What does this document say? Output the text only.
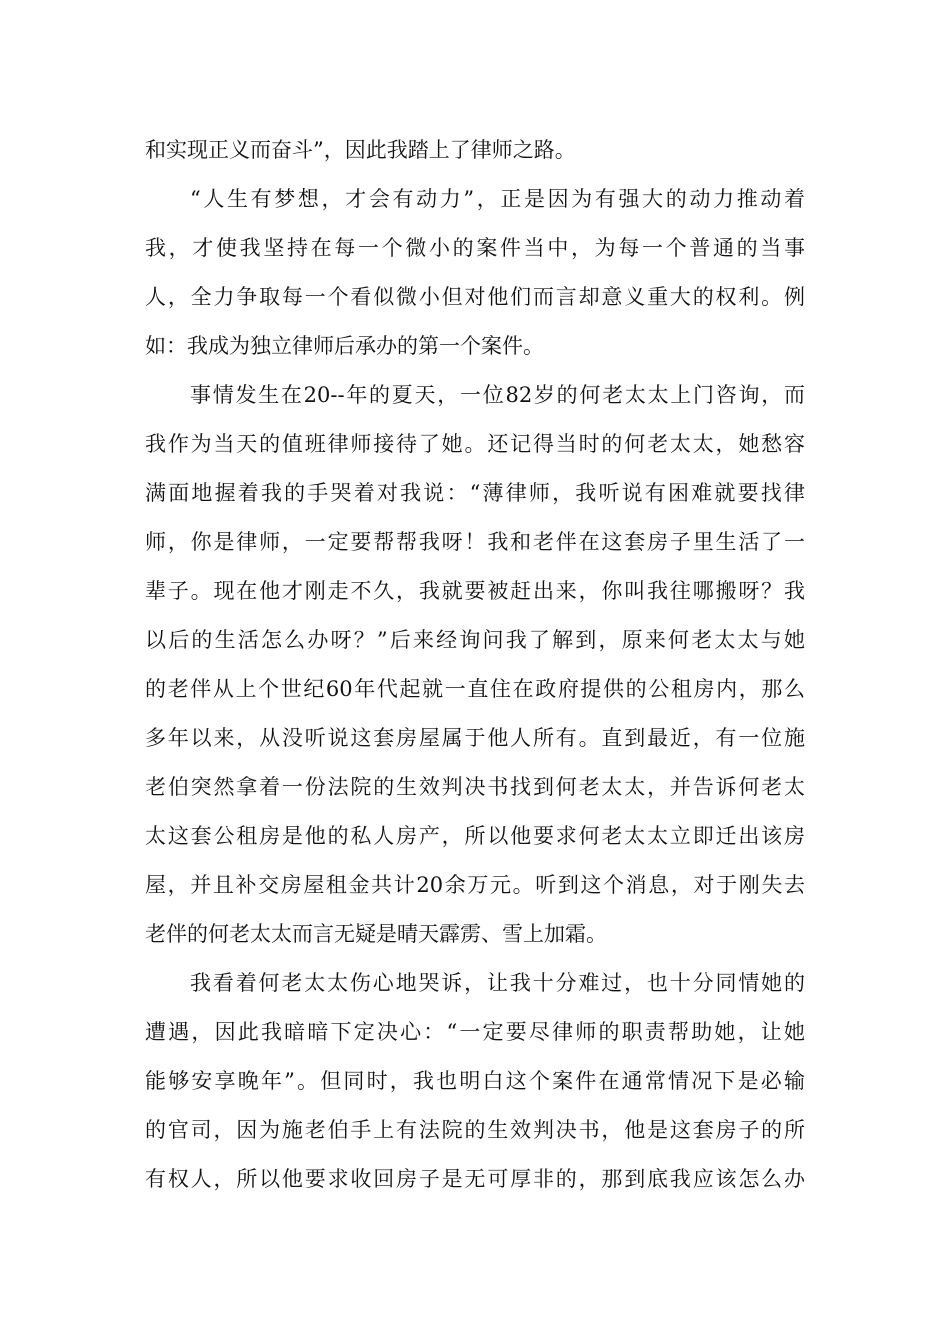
和实现正义而奋斗”，因此我踏上了律师之路。
“人生有梦想，才会有动力”，正是因为有强大的动力推动着
我，才使我坚持在每一个微小的案件当中，为每一个普通的当事
人，全力争取每一个看似微小但对他们而言却意义重大的权利。例
如：我成为独立律师后承办的第一个案件。
事情发生在20--年的夏天，一位82岁的何老太太上门咨询，而
我作为当天的值班律师接待了她。还记得当时的何老太太，她愁容
满面地握着我的手哭着对我说：“薄律师，我听说有困难就要找律
师，你是律师，一定要帮帮我呀！我和老伴在这套房子里生活了一
辈子。现在他才刚走不久，我就要被赶出来，你叫我往哪搬呀？我
以后的生活怎么办呀？”后来经询问我了解到，原来何老太太与她
的老伴从上个世纪60年代起就一直住在政府提供的公租房内，那么
多年以来，从没听说这套房屋属于他人所有。直到最近，有一位施
老伯突然拿着一份法院的生效判决书找到何老太太，并告诉何老太
太这套公租房是他的私人房产，所以他要求何老太太立即迁出该房
屋，并且补交房屋租金共计20余万元。听到这个消息，对于刚失去
老伴的何老太太而言无疑是晴天霹雳、雪上加霜。
我看着何老太太伤心地哭诉，让我十分难过，也十分同情她的
遭遇，因此我暗暗下定决心：“一定要尽律师的职责帮助她，让她
能够安享晚年”。但同时，我也明白这个案件在通常情况下是必输
的官司，因为施老伯手上有法院的生效判决书，他是这套房子的所
有权人，所以他要求收回房子是无可厚非的，那到底我应该怎么办
